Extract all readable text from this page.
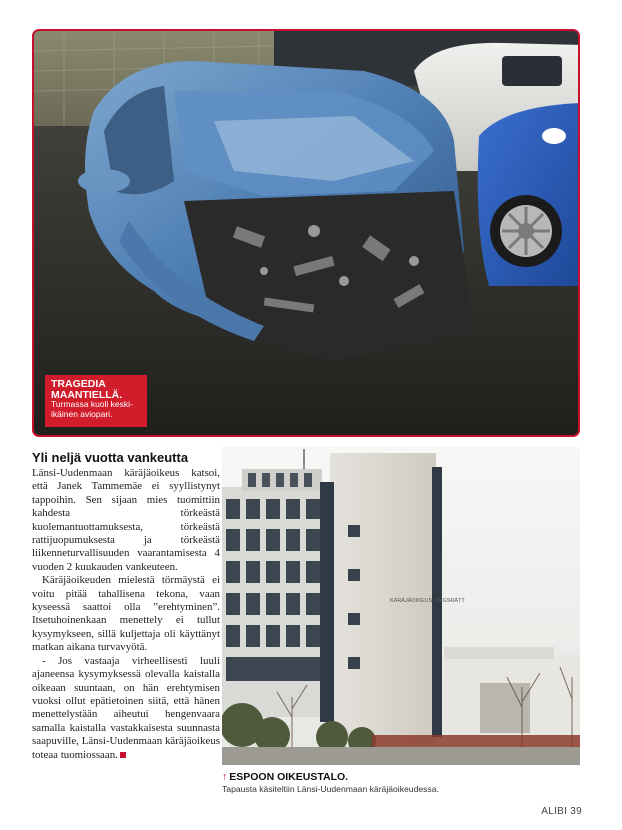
TRAGEDIA MAANTIELLÄ.
Turmassa kuoli keski-ikäinen aviopari.
Yli neljä vuotta vankeutta

Länsi-Uudenmaan käräjäoikeus katsoi, että Janek Tammemäe ei syyllistynyt tappoihin. Sen sijaan mies tuomittiin kahdesta törkeästä kuolemantuottamuksesta, törkeästä rattijuopumuksesta ja törkeästä liikenneturvallisuuden vaarantamisesta 4 vuoden 2 kuukauden vankeuteen.

Käräjäoikeuden mielestä törmäystä ei voitu pitää tahallisena tekona, vaan kyseessä saattoi olla ”erehtyminen”. Itsetuhoinenkaan menettely ei tullut kysymykseen, sillä kuljettaja oli käyttänyt matkan aikana turvavyötä.

- Jos vastaaja virheellisesti luuli ajaneensa kysymyksessä olevalla kaistalla oikeaan suuntaan, on hän erehtymisen vuoksi ollut epätietoinen siitä, että hänen menettelystään aiheutui hengenvaara samalla kaistalla vastakkaisesta suunnasta saapuville, Länsi-Uudenmaan käräjäoikeus toteaa tuomiossaan.

KÄRÄJÄOIKEUS TINGSRÄTT
↑ ESPOON OIKEUSTALO.
Tapausta käsiteltiin Länsi-Uudenmaan käräjäoikeudessa.
ALIBI 39
